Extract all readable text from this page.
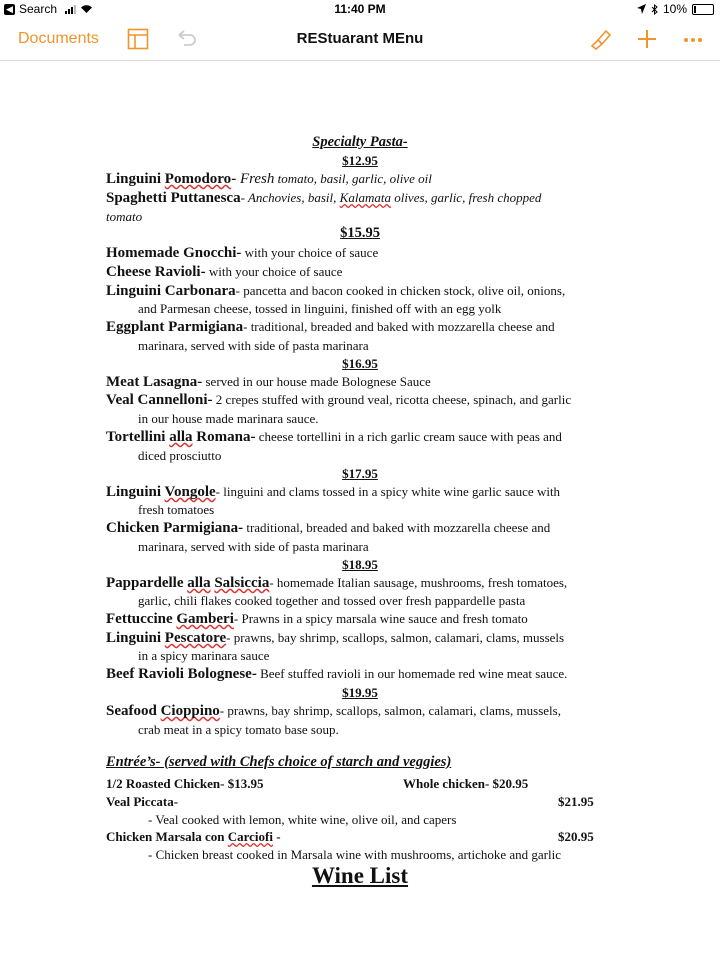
◀ Search	11:40 PM	10%
Documents	REStuarant MEnu
Specialty Pasta-
$12.95
Linguini Pomodoro- Fresh tomato, basil, garlic, olive oil
Spaghetti Puttanesca- Anchovies, basil, Kalamata olives, garlic, fresh chopped
tomato
$15.95
Homemade Gnocchi- with your choice of sauce
Cheese Ravioli- with your choice of sauce
Linguini Carbonara- pancetta and bacon cooked in chicken stock, olive oil, onions,
and Parmesan cheese, tossed in linguini, finished off with an egg yolk
Eggplant Parmigiana- traditional, breaded and baked with mozzarella cheese and
marinara, served with side of pasta marinara
$16.95
Meat Lasagna- served in our house made Bolognese Sauce
Veal Cannelloni- 2 crepes stuffed with ground veal, ricotta cheese, spinach, and garlic
in our house made marinara sauce.
Tortellini alla Romana- cheese tortellini in a rich garlic cream sauce with peas and
diced prosciutto
$17.95
Linguini Vongole- linguini and clams tossed in a spicy white wine garlic sauce with
fresh tomatoes
Chicken Parmigiana- traditional, breaded and baked with mozzarella cheese and
marinara, served with side of pasta marinara
$18.95
Pappardelle alla Salsiccia- homemade Italian sausage, mushrooms, fresh tomatoes,
garlic, chili flakes cooked together and tossed over fresh pappardelle pasta
Fettuccine Gamberi- Prawns in a spicy marsala wine sauce and fresh tomato
Linguini Pescatore- prawns, bay shrimp, scallops, salmon, calamari, clams, mussels
in a spicy marinara sauce
Beef Ravioli Bolognese- Beef stuffed ravioli in our homemade red wine meat sauce.
$19.95
Seafood Cioppino- prawns, bay shrimp, scallops, salmon, calamari, clams, mussels,
crab meat in a spicy tomato base soup.
Entrée’s- (served with Chefs choice of starch and veggies)
1/2 Roasted Chicken- $13.95	Whole chicken- $20.95
Veal Piccata-	$21.95
- Veal cooked with lemon, white wine, olive oil, and capers
Chicken Marsala con Carciofi -	$20.95
- Chicken breast cooked in Marsala wine with mushrooms, artichoke and garlic
Wine List
